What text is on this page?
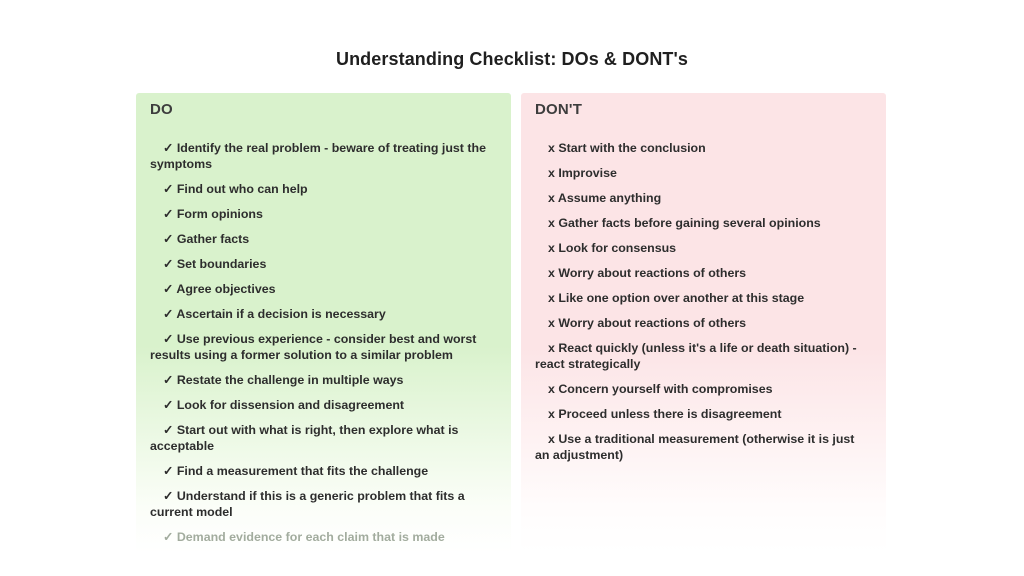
Understanding Checklist: DOs & DONT's
DO
✓ Identify the real problem - beware of treating just the symptoms
✓ Find out who can help
✓ Form opinions
✓ Gather facts
✓ Set boundaries
✓ Agree objectives
✓ Ascertain if a decision is necessary
✓ Use previous experience - consider best and worst results using a former solution to a similar problem
✓ Restate the challenge in multiple ways
✓ Look for dissension and disagreement
✓ Start out with what is right, then explore what is acceptable
✓ Find a measurement that fits the challenge
✓ Understand if this is a generic problem that fits a current model
✓ Demand evidence for each claim that is made
DON'T
x Start with the conclusion
x Improvise
x Assume anything
x Gather facts before gaining several opinions
x Look for consensus
x Worry about reactions of others
x Like one option over another at this stage
x Worry about reactions of others
x React quickly (unless it's a life or death situation) - react strategically
x Concern yourself with compromises
x Proceed unless there is disagreement
x Use a traditional measurement (otherwise it is just an adjustment)
